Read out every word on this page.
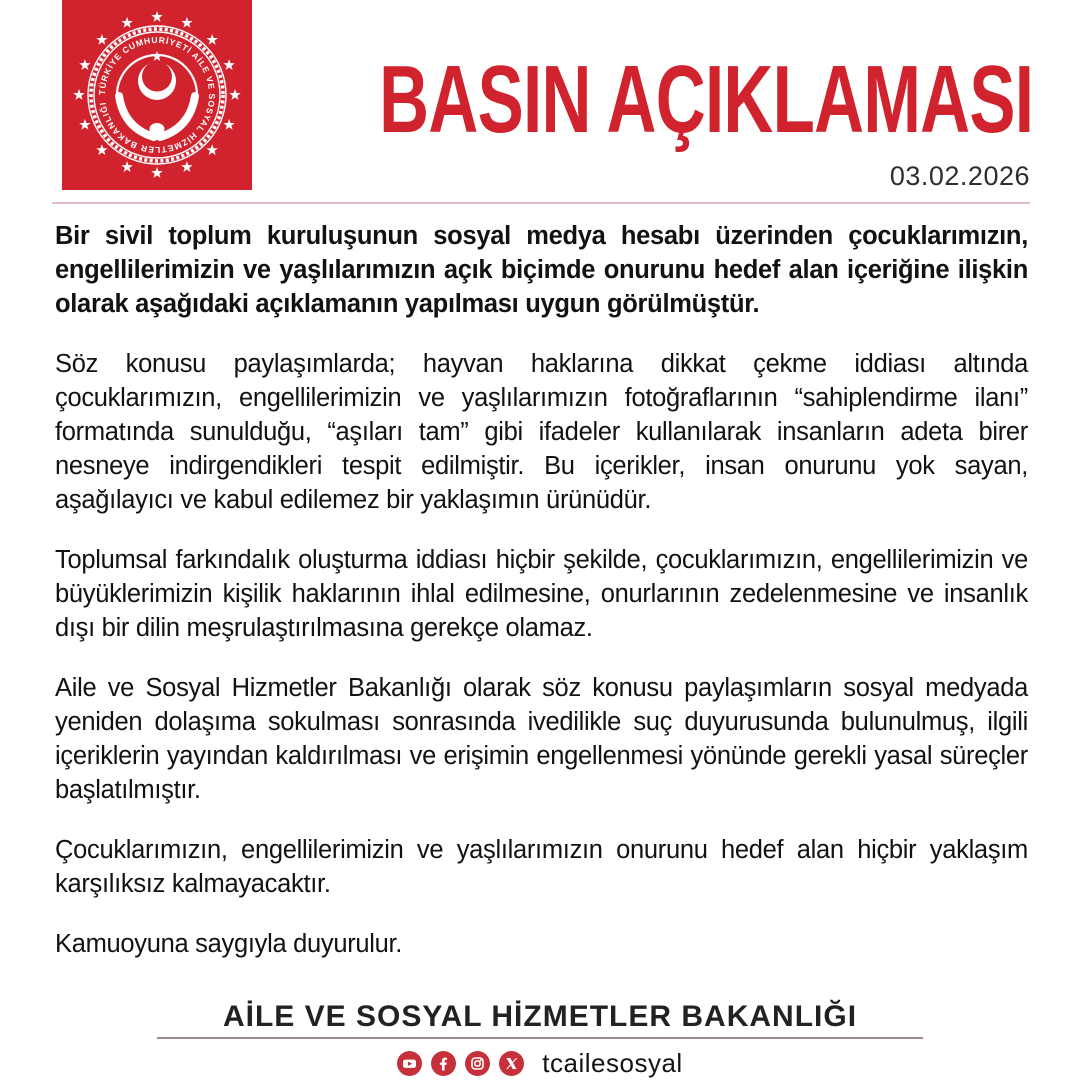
TÜRKİYE CUMHURİYETİ AİLE VE SOSYAL HİZMETLER BAKANLIĞI	BASIN AÇIKLAMASI
03.02.2026

Bir sivil toplum kuruluşunun sosyal medya hesabı üzerinden çocuklarımızın, engellilerimizin ve yaşlılarımızın açık biçimde onurunu hedef alan içeriğine ilişkin olarak aşağıdaki açıklamanın yapılması uygun görülmüştür.

Söz konusu paylaşımlarda; hayvan haklarına dikkat çekme iddiası altında çocuklarımızın, engellilerimizin ve yaşlılarımızın fotoğraflarının “sahiplendirme ilanı” formatında sunulduğu, “aşıları tam” gibi ifadeler kullanılarak insanların adeta birer nesneye indirgendikleri tespit edilmiştir. Bu içerikler, insan onurunu yok sayan, aşağılayıcı ve kabul edilemez bir yaklaşımın ürünüdür.

Toplumsal farkındalık oluşturma iddiası hiçbir şekilde, çocuklarımızın, engellilerimizin ve büyüklerimizin kişilik haklarının ihlal edilmesine, onurlarının zedelenmesine ve insanlık dışı bir dilin meşrulaştırılmasına gerekçe olamaz.

Aile ve Sosyal Hizmetler Bakanlığı olarak söz konusu paylaşımların sosyal medyada yeniden dolaşıma sokulması sonrasında ivedilikle suç duyurusunda bulunulmuş, ilgili içeriklerin yayından kaldırılması ve erişimin engellenmesi yönünde gerekli yasal süreçler başlatılmıştır.

Çocuklarımızın, engellilerimizin ve yaşlılarımızın onurunu hedef alan hiçbir yaklaşım karşılıksız kalmayacaktır.

Kamuoyuna saygıyla duyurulur.

AİLE VE SOSYAL HİZMETLER BAKANLIĞI
tcailesosyal
